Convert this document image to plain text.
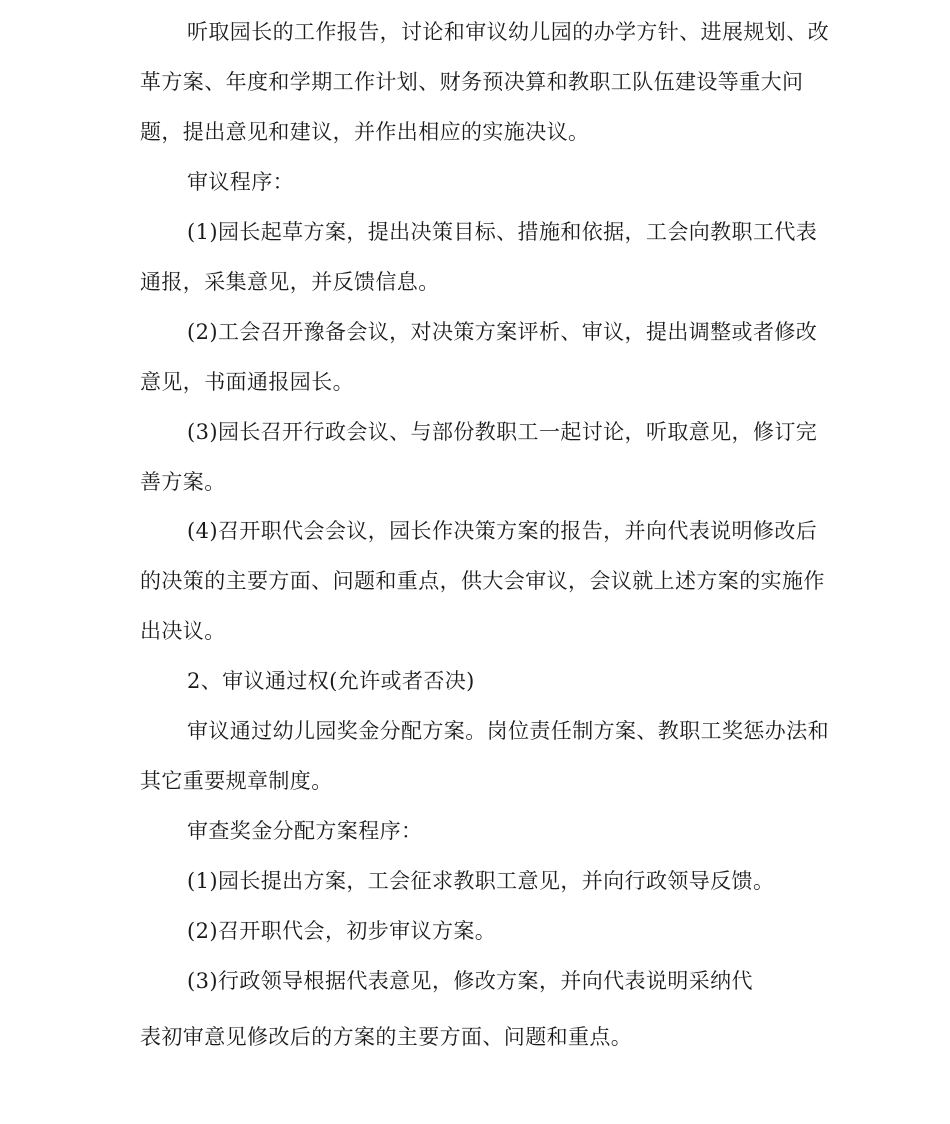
听取园长的工作报告，讨论和审议幼儿园的办学方针、进展规划、改
革方案、年度和学期工作计划、财务预决算和教职工队伍建设等重大问
题，提出意见和建议，并作出相应的实施决议。
审议程序：
(1)园长起草方案，提出决策目标、措施和依据，工会向教职工代表
通报，采集意见，并反馈信息。
(2)工会召开豫备会议，对决策方案评析、审议，提出调整或者修改
意见，书面通报园长。
(3)园长召开行政会议、与部份教职工一起讨论，听取意见，修订完
善方案。
(4)召开职代会会议，园长作决策方案的报告，并向代表说明修改后
的决策的主要方面、问题和重点，供大会审议，会议就上述方案的实施作
出决议。
2、审议通过权(允许或者否决)
审议通过幼儿园奖金分配方案。岗位责任制方案、教职工奖惩办法和
其它重要规章制度。
审查奖金分配方案程序：
(1)园长提出方案，工会征求教职工意见，并向行政领导反馈。
(2)召开职代会，初步审议方案。
(3)行政领导根据代表意见，修改方案，并向代表说明采纳代
表初审意见修改后的方案的主要方面、问题和重点。
